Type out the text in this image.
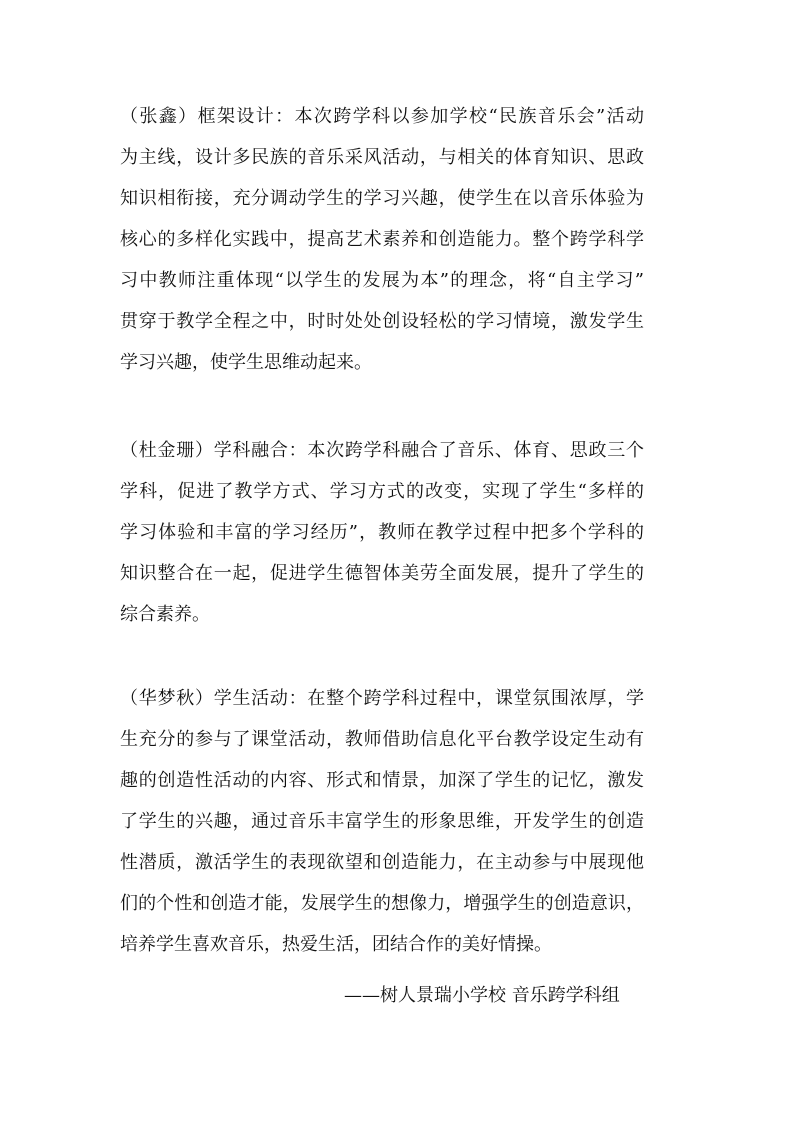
（张鑫）框架设计：本次跨学科以参加学校“民族音乐会”活动
为主线，设计多民族的音乐采风活动，与相关的体育知识、思政
知识相衔接，充分调动学生的学习兴趣，使学生在以音乐体验为
核心的多样化实践中，提高艺术素养和创造能力。整个跨学科学
习中教师注重体现“以学生的发展为本”的理念，将“自主学习”
贯穿于教学全程之中，时时处处创设轻松的学习情境，激发学生
学习兴趣，使学生思维动起来。
（杜金珊）学科融合：本次跨学科融合了音乐、体育、思政三个
学科，促进了教学方式、学习方式的改变，实现了学生“多样的
学习体验和丰富的学习经历”，教师在教学过程中把多个学科的
知识整合在一起，促进学生德智体美劳全面发展，提升了学生的
综合素养。
（华梦秋）学生活动：在整个跨学科过程中，课堂氛围浓厚，学
生充分的参与了课堂活动，教师借助信息化平台教学设定生动有
趣的创造性活动的内容、形式和情景，加深了学生的记忆，激发
了学生的兴趣，通过音乐丰富学生的形象思维，开发学生的创造
性潜质，激活学生的表现欲望和创造能力，在主动参与中展现他
们的个性和创造才能，发展学生的想像力，增强学生的创造意识，
培养学生喜欢音乐，热爱生活，团结合作的美好情操。
——树人景瑞小学校 音乐跨学科组
